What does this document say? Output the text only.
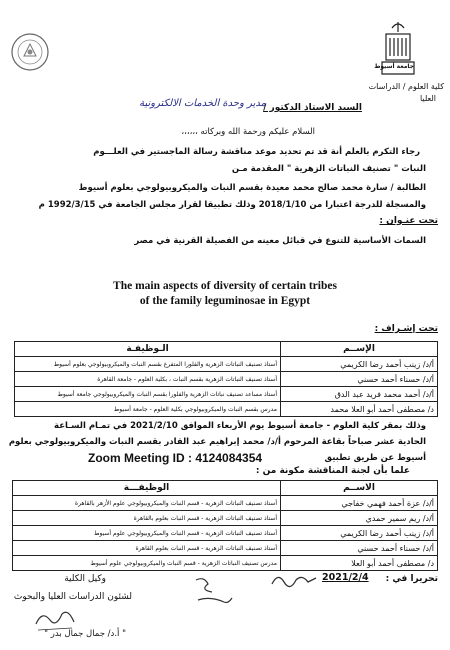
جامعة أسيوط
كلية العلوم / الدراسات
العليا
السيد الاستاذ الدكتور /
مدير وحدة الخدمات الالكترونية
السلام عليكم ورحمة الله وبركاته ،،،،،،
رجاء التكرم بالعلم أنة قد تم تحديد موعد مناقشة رسالة الماجستير في العلـــوم
النبات " تصنيف النباتات الزهرية " المقدمة مـن
الطالبة / سارة محمد صالح محمد معيدة بقسم النبات والميكروبيولوجي بعلوم أسيوط
والمسجلة للدرجة اعتبارا من 2018/1/10 وذلك تطبيقا لقرار مجلس الجامعة في 1992/3/15 م
تحت عنـوان :
السمات الأساسية للتنوع في قبائل معينه من الفصيلة القرنية في مصر
The main aspects of diversity of certain tribes
of the family leguminosae in Egypt
تحت إشـراف :
الإســم	الـوظيفـة
أ/د/ زينب أحمد رضا الكريمي	أستاذ تصنيف النباتات الزهرية والفلورا المتفرغ بقسم النبات والميكروبيولوجي بعلوم أسيوط
أ/د/ حسناء أحمد حسني	أستاذ تصنيف النباتات الزهرية بقسم النبات ، بكلية العلوم - جامعة القاهرة
أ/د/ أحمد محمد فريد عبد الدق	أستاذ مساعد تصنيف نباتات الزهرية والفلورا بقسم النبات والميكروبيولوجي جامعة أسيوط
د/ مصطفى أحمد أبو العلا محمد	مدرس بقسم النبات والميكروبيولوجي بكلية العلوم - جامعة أسيوط
وذلك بمقر كلية العلوم - جامعة أسيوط يوم الأربعاء الموافق 2021/2/10 في تمـام السـاعة
الحادية عشر صباحاً بقاعة المرحوم أ/د/ محمد إبراهيم عبد القادر بقسم النبات والميكروبيولوجي بعلوم
أسيوط عن طريق تطبيق
Zoom Meeting ID : 4124084354
علما بأن لجنة المناقشة مكونة من :
الاســم	الوظيفـــة
أ/د/ عزة أحمد فهمي خفاجي	أستاذ تصنيف النباتات الزهرية - قسم النبات والميكروبيولوجي علوم الأزهر بالقاهرة
أ/د/ ريم سمير حمدي	أستاذ تصنيف النباتات الزهرية - قسم النبات بعلوم بالقاهرة
أ/د/ زينب أحمد رضا الكريمي	أستاذ تصنيف النباتات الزهرية - قسم النبات والميكروبيولوجي علوم أسيوط
أ/د/ حسناء أحمد حسني	أستاذ تصنيف النباتات الزهرية - قسم النبات بعلوم القاهرة
د/ مصطفى أحمد أبو العلا	مدرس تصنيف النباتات الزهرية - قسم النبات والميكروبيولوجي علوم أسيوط
تحريرا في :
2021/2/4
وكيل الكلية
لشئون الدراسات العليا والبحوث
" أ.د/ جمال جمال بدر "
